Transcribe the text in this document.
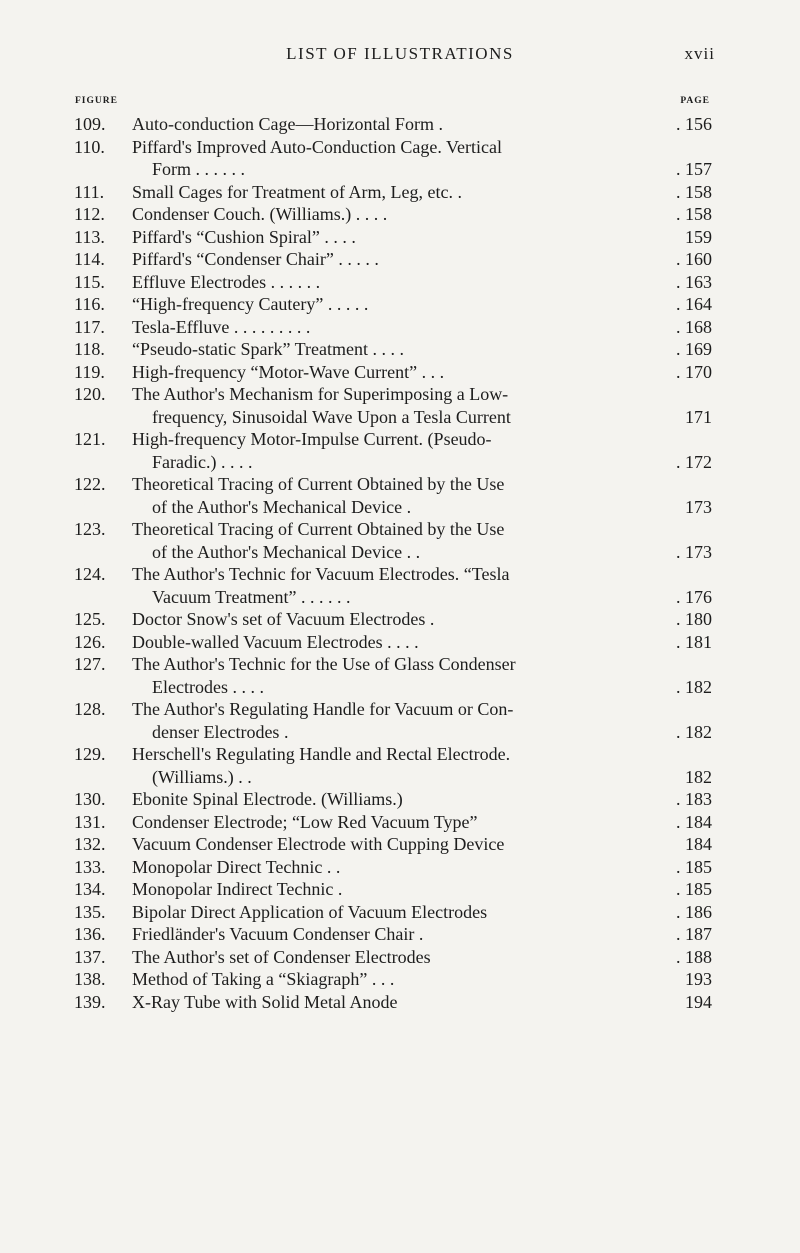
LIST OF ILLUSTRATIONS	xvii
FIGURE	PAGE
109. Auto-conduction Cage—Horizontal Form .	. 156
110. Piffard's Improved Auto-Conduction Cage. Vertical
Form . . . . . .	. 157
111. Small Cages for Treatment of Arm, Leg, etc. .	. 158
112. Condenser Couch. (Williams.) . . . .	. 158
113. Piffard's “Cushion Spiral” . . . .	159
114. Piffard's “Condenser Chair” . . . . .	. 160
115. Effluve Electrodes . . . . . .	. 163
116. “High-frequency Cautery” . . . . .	. 164
117. Tesla-Effluve . . . . . . . . .	. 168
118. “Pseudo-static Spark” Treatment . . . .	. 169
119. High-frequency “Motor-Wave Current” . . .	. 170
120. The Author's Mechanism for Superimposing a Low-
frequency, Sinusoidal Wave Upon a Tesla Current	171
121. High-frequency Motor-Impulse Current. (Pseudo-
Faradic.) . . . .	. 172
122. Theoretical Tracing of Current Obtained by the Use
of the Author's Mechanical Device .	173
123. Theoretical Tracing of Current Obtained by the Use
of the Author's Mechanical Device . .	. 173
124. The Author's Technic for Vacuum Electrodes. “Tesla
Vacuum Treatment” . . . . . .	. 176
125. Doctor Snow's set of Vacuum Electrodes .	. 180
126. Double-walled Vacuum Electrodes . . . .	. 181
127. The Author's Technic for the Use of Glass Condenser
Electrodes . . . .	. 182
128. The Author's Regulating Handle for Vacuum or Con-
denser Electrodes .	. 182
129. Herschell's Regulating Handle and Rectal Electrode.
(Williams.) . .	182
130. Ebonite Spinal Electrode. (Williams.)	. 183
131. Condenser Electrode; “Low Red Vacuum Type”	. 184
132. Vacuum Condenser Electrode with Cupping Device	184
133. Monopolar Direct Technic . .	. 185
134. Monopolar Indirect Technic .	. 185
135. Bipolar Direct Application of Vacuum Electrodes	. 186
136. Friedländer's Vacuum Condenser Chair .	. 187
137. The Author's set of Condenser Electrodes	. 188
138. Method of Taking a “Skiagraph” . . .	193
139. X-Ray Tube with Solid Metal Anode	194
